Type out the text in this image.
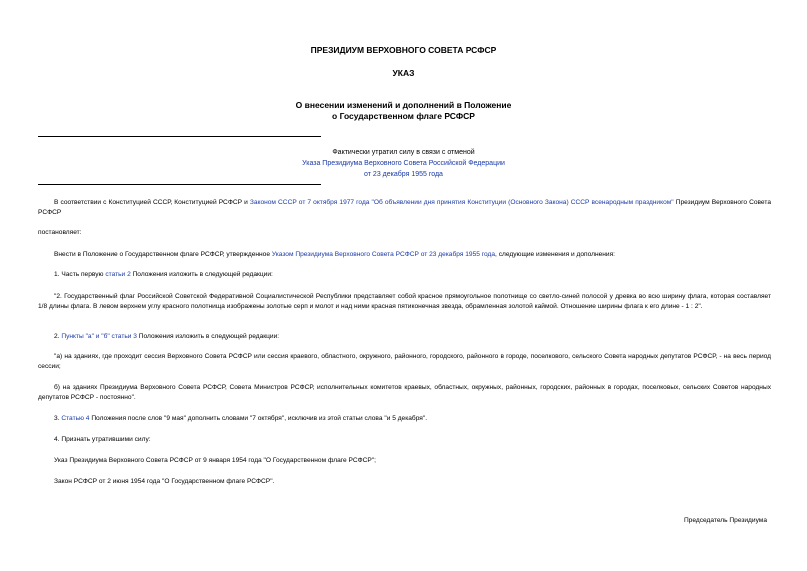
ПРЕЗИДИУМ ВЕРХОВНОГО СОВЕТА РСФСР
УКАЗ
О внесении изменений и дополнений в Положение
о Государственном флаге РСФСР
Фактически утратил силу в связи с отменой
Указа Президиума Верховного Совета Российской Федерации
от 23 декабря 1955 года
В соответствии с Конституцией СССР, Конституцией РСФСР и Законом СССР от 7 октября 1977 года "Об объявлении дня принятия Конституции (Основного Закона) СССР всенародным праздником" Президиум Верховного Совета РСФСР
постановляет:
Внести в Положение о Государственном флаге РСФСР, утвержденное Указом Президиума Верховного Совета РСФСР от 23 декабря 1955 года, следующие изменения и дополнения:
1. Часть первую статьи 2 Положения изложить в следующей редакции:
"2. Государственный флаг Российской Советской Федеративной Социалистической Республики представляет собой красное прямоугольное полотнище со светло-синей полосой у древка во всю ширину флага, которая составляет 1/8 длины флага. В левом верхнем углу красного полотнища изображены золотые серп и молот и над ними красная пятиконечная звезда, обрамленная золотой каймой. Отношение ширины флага к его длине - 1 : 2".
2. Пункты "а" и "б" статьи 3 Положения изложить в следующей редакции:
"а) на зданиях, где проходит сессия Верховного Совета РСФСР или сессия краевого, областного, окружного, районного, городского, районного в городе, поселкового, сельского Совета народных депутатов РСФСР, - на весь период сессии;
б) на зданиях Президиума Верховного Совета РСФСР, Совета Министров РСФСР, исполнительных комитетов краевых, областных, окружных, районных, городских, районных в городах, поселковых, сельских Советов народных депутатов РСФСР - постоянно".
3. Статью 4 Положения после слов "9 мая" дополнить словами "7 октября", исключив из этой статьи слова "и 5 декабря".
4. Признать утратившими силу:
Указ Президиума Верховного Совета РСФСР от 9 января 1954 года "О Государственном флаге РСФСР";
Закон РСФСР от 2 июня 1954 года "О Государственном флаге РСФСР".
Председатель Президиума
